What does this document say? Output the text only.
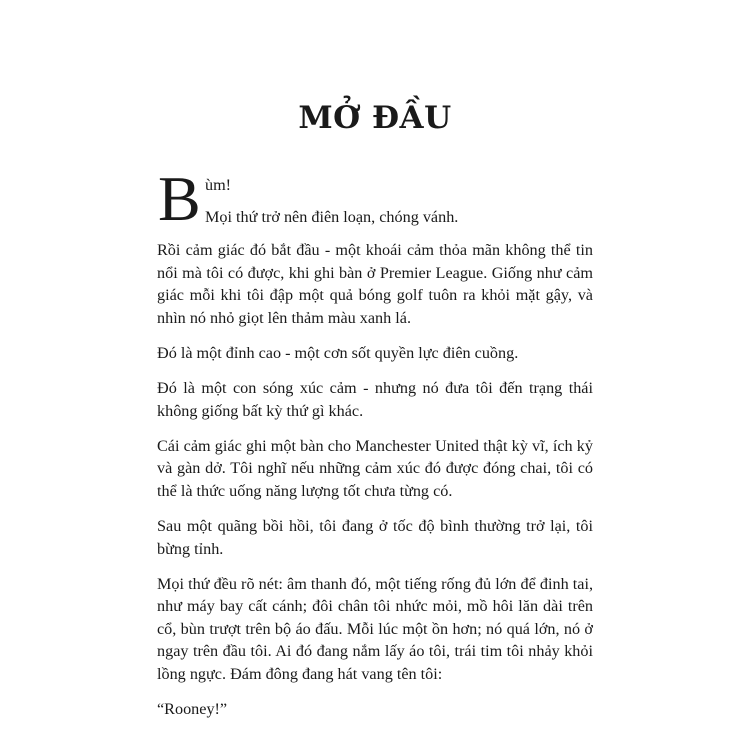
MỞ ĐẦU
B ùm!
Mọi thứ trở nên điên loạn, chóng vánh.

Rồi cảm giác đó bắt đầu - một khoái cảm thỏa mãn không thể tin nổi mà tôi có được, khi ghi bàn ở Premier League. Giống như cảm giác mỗi khi tôi đập một quả bóng golf tuôn ra khỏi mặt gậy, và nhìn nó nhỏ giọt lên thảm màu xanh lá.

Đó là một đỉnh cao - một cơn sốt quyền lực điên cuồng.

Đó là một con sóng xúc cảm - nhưng nó đưa tôi đến trạng thái không giống bất kỳ thứ gì khác.

Cái cảm giác ghi một bàn cho Manchester United thật kỳ vĩ, ích kỷ và gàn dở. Tôi nghĩ nếu những cảm xúc đó được đóng chai, tôi có thể là thức uống năng lượng tốt chưa từng có.

Sau một quãng bồi hồi, tôi đang ở tốc độ bình thường trở lại, tôi bừng tỉnh.

Mọi thứ đều rõ nét: âm thanh đó, một tiếng rống đủ lớn để đinh tai, như máy bay cất cánh; đôi chân tôi nhức mỏi, mồ hôi lăn dài trên cổ, bùn trượt trên bộ áo đấu. Mỗi lúc một ồn hơn; nó quá lớn, nó ở ngay trên đầu tôi. Ai đó đang nắm lấy áo tôi, trái tim tôi nhảy khỏi lồng ngực. Đám đông đang hát vang tên tôi:

“Rooney!”
